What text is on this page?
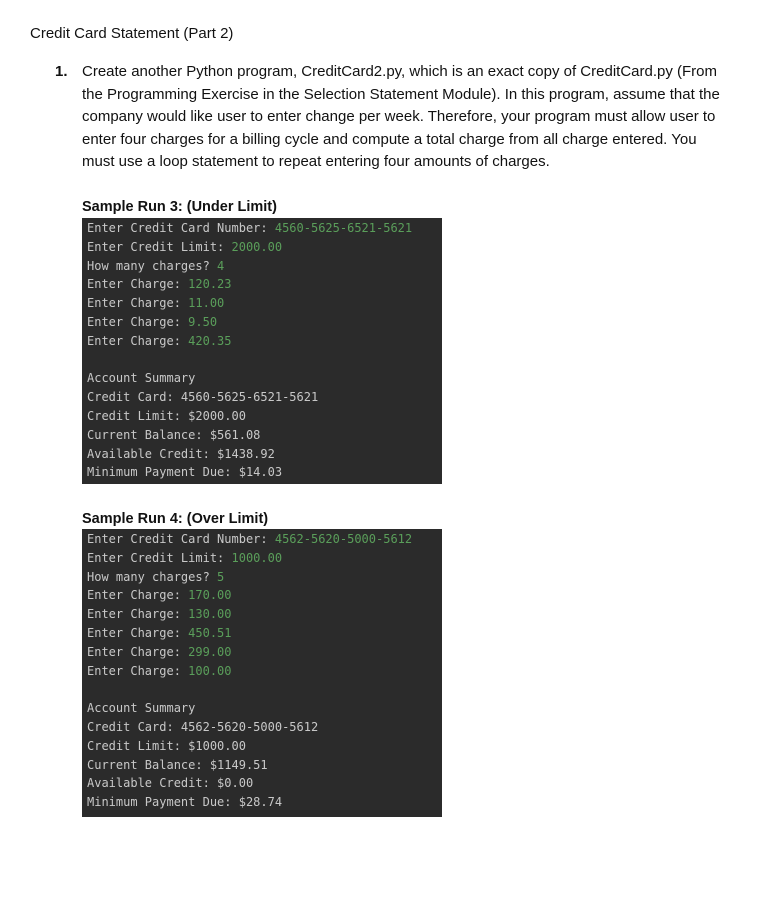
Credit Card Statement (Part 2)
1. Create another Python program, CreditCard2.py, which is an exact copy of CreditCard.py (From

the Programming Exercise in the Selection Statement Module). In this program, assume that the

company would like user to enter change per week. Therefore, your program must allow user to

enter four charges for a billing cycle and compute a total charge from all charge entered. You

must use a loop statement to repeat entering four amounts of charges.

Sample Run 3: (Under Limit)
Enter Credit Card Number: 4560-5625-6521-5621
Enter Credit Limit: 2000.00
How many charges? 4
Enter Charge: 120.23
Enter Charge: 11.00
Enter Charge: 9.50
Enter Charge: 420.35
Account Summary
Credit Card: 4560-5625-6521-5621
Credit Limit: $2000.00
Current Balance: $561.08
Available Credit: $1438.92
Minimum Payment Due: $14.03
Sample Run 4: (Over Limit)
Enter Credit Card Number: 4562-5620-5000-5612
Enter Credit Limit: 1000.00
How many charges? 5
Enter Charge: 170.00
Enter Charge: 130.00
Enter Charge: 450.51
Enter Charge: 299.00
Enter Charge: 100.00
Account Summary
Credit Card: 4562-5620-5000-5612
Credit Limit: $1000.00
Current Balance: $1149.51
Available Credit: $0.00
Minimum Payment Due: $28.74
